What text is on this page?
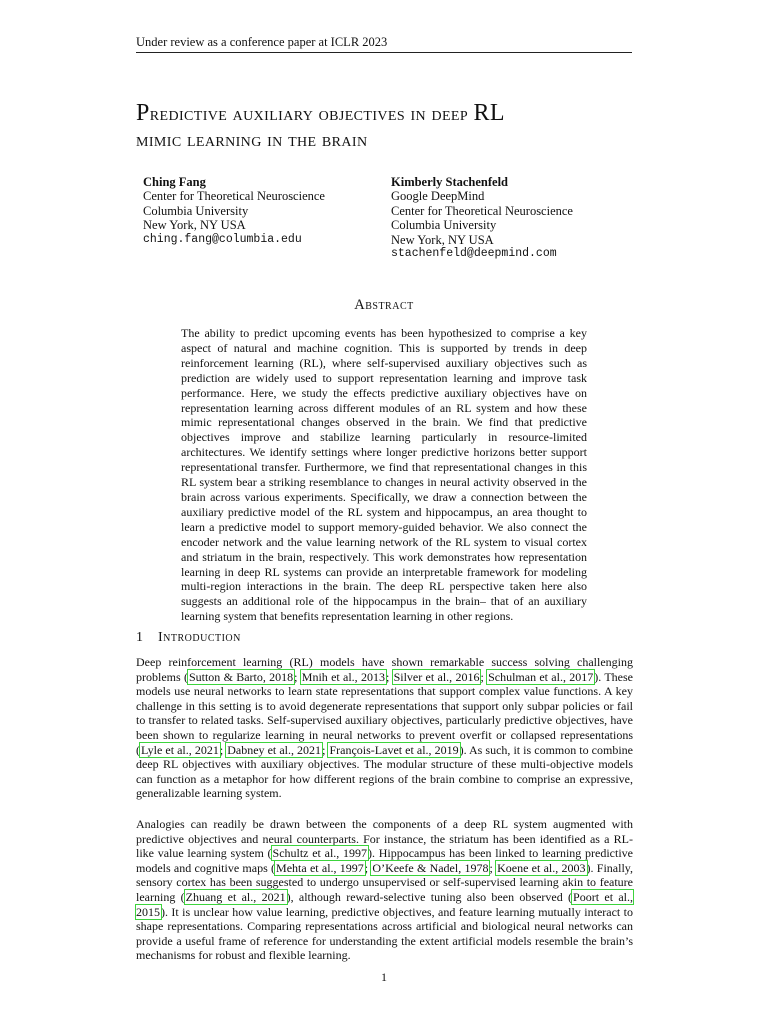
Under review as a conference paper at ICLR 2023
Predictive auxiliary objectives in deep RL
mimic learning in the brain
Ching Fang
Center for Theoretical Neuroscience
Columbia University
New York, NY USA
ching.fang@columbia.edu
Kimberly Stachenfeld
Google DeepMind
Center for Theoretical Neuroscience
Columbia University
New York, NY USA
stachenfeld@deepmind.com
Abstract
The ability to predict upcoming events has been hypothesized to comprise a key aspect of natural and machine cognition. This is supported by trends in deep reinforcement learning (RL), where self-supervised auxiliary objectives such as prediction are widely used to support representation learning and improve task performance. Here, we study the effects predictive auxiliary objectives have on representation learning across different modules of an RL system and how these mimic representational changes observed in the brain. We find that predictive objectives improve and stabilize learning particularly in resource-limited architectures. We identify settings where longer predictive horizons better support representational transfer. Furthermore, we find that representational changes in this RL system bear a striking resemblance to changes in neural activity observed in the brain across various experiments. Specifically, we draw a connection between the auxiliary predictive model of the RL system and hippocampus, an area thought to learn a predictive model to support memory-guided behavior. We also connect the encoder network and the value learning network of the RL system to visual cortex and striatum in the brain, respectively. This work demonstrates how representation learning in deep RL systems can provide an interpretable framework for modeling multi-region interactions in the brain. The deep RL perspective taken here also suggests an additional role of the hippocampus in the brain– that of an auxiliary learning system that benefits representation learning in other regions.
1 Introduction

Deep reinforcement learning (RL) models have shown remarkable success solving challenging problems (Sutton & Barto, 2018; Mnih et al., 2013; Silver et al., 2016; Schulman et al., 2017). These models use neural networks to learn state representations that support complex value functions. A key challenge in this setting is to avoid degenerate representations that support only subpar policies or fail to transfer to related tasks. Self-supervised auxiliary objectives, particularly predictive objectives, have been shown to regularize learning in neural networks to prevent overfit or collapsed representations (Lyle et al., 2021; Dabney et al., 2021; François-Lavet et al., 2019). As such, it is common to combine deep RL objectives with auxiliary objectives. The modular structure of these multi-objective models can function as a metaphor for how different regions of the brain combine to comprise an expressive, generalizable learning system.

Analogies can readily be drawn between the components of a deep RL system augmented with predictive objectives and neural counterparts. For instance, the striatum has been identified as a RL-like value learning system (Schultz et al., 1997). Hippocampus has been linked to learning predictive models and cognitive maps (Mehta et al., 1997; O’Keefe & Nadel, 1978; Koene et al., 2003). Finally, sensory cortex has been suggested to undergo unsupervised or self-supervised learning akin to feature learning (Zhuang et al., 2021), although reward-selective tuning also been observed (Poort et al., 2015). It is unclear how value learning, predictive objectives, and feature learning mutually interact to shape representations. Comparing representations across artificial and biological neural networks can provide a useful frame of reference for understanding the extent artificial models resemble the brain’s mechanisms for robust and flexible learning.

1
